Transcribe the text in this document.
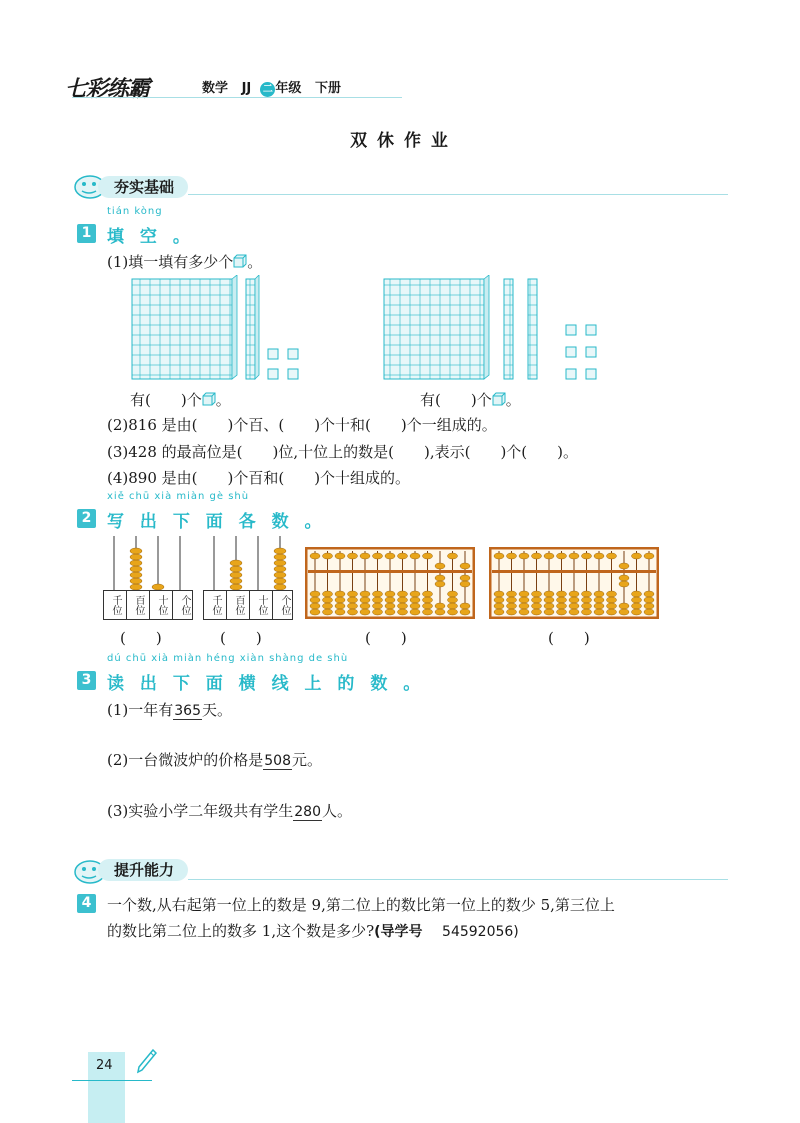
七彩练霸	数学 JJ 二 年级 下册
双 休 作 业
夯实基础
tián kòng
1 填 空 。
(1)填一填有多少个 。
有(　　)个 。	有(　　)个 。
(2)816 是由(　　)个百、(　　)个十和(　　)个一组成的。
(3)428 的最高位是(　　)位,十位上的数是(　　),表示(　　)个(　　)。
(4)890 是由(　　)个百和(　　)个十组成的。
xiě chū xià miàn gè shù
2 写 出 下 面 各 数 。
千位	百位	十位	个位	千位	百位	十位	个位
(　　)	(　　)	(　　)	(　　)
dú chū xià miàn héng xiàn shàng de shù
3 读 出 下 面 横 线 上 的 数 。
(1)一年有365天。
(2)一台微波炉的价格是508元。
(3)实验小学二年级共有学生280人。
提升能力
4	一个数,从右起第一位上的数是 9,第二位上的数比第一位上的数少 5,第三位上
的数比第二位上的数多 1,这个数是多少?(导学号 54592056)
24
